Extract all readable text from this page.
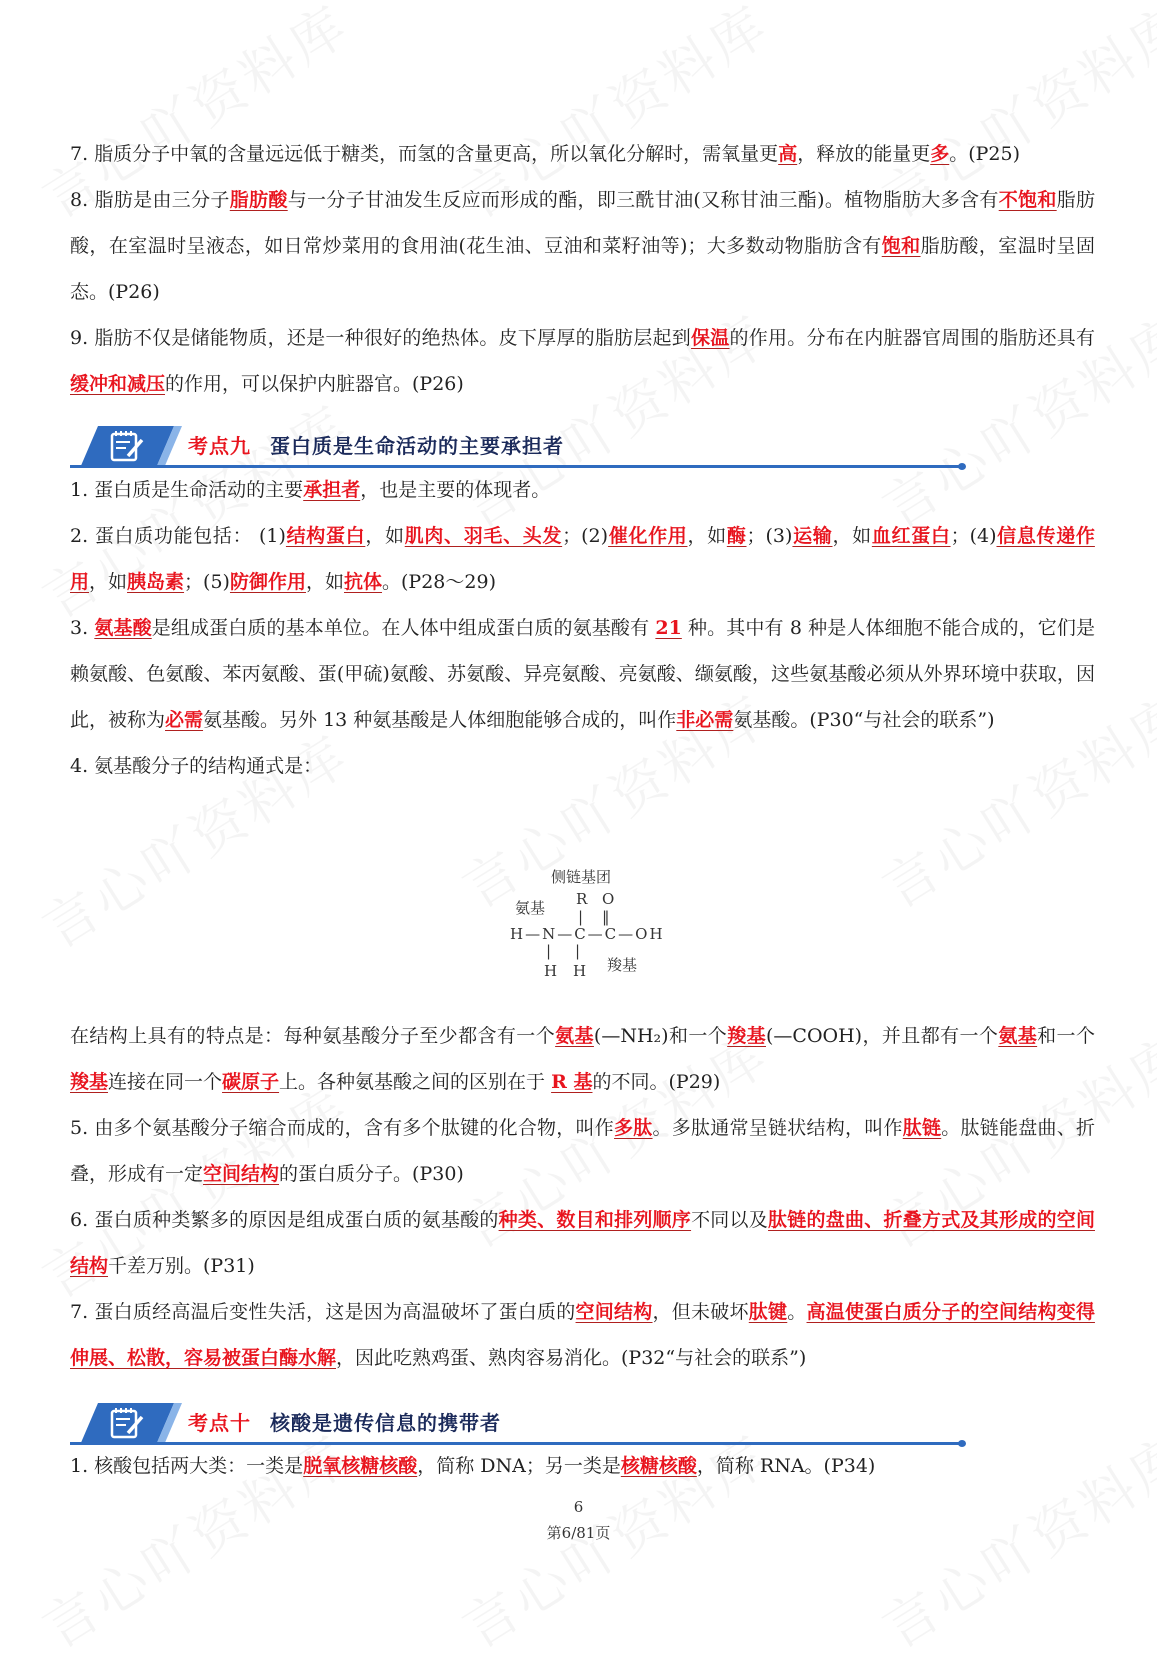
7. 脂质分子中氧的含量远远低于糖类，而氢的含量更高，所以氧化分解时，需氧量更高，释放的能量更多。(P25)

8. 脂肪是由三分子脂肪酸与一分子甘油发生反应而形成的酯，即三酰甘油(又称甘油三酯)。植物脂肪大多含有不饱和脂肪酸，在室温时呈液态，如日常炒菜用的食用油(花生油、豆油和菜籽油等)；大多数动物脂肪含有饱和脂肪酸，室温时呈固态。(P26)

9. 脂肪不仅是储能物质，还是一种很好的绝热体。皮下厚厚的脂肪层起到保温的作用。分布在内脏器官周围的脂肪还具有缓冲和减压的作用，可以保护内脏器官。(P26)

考点九 蛋白质是生命活动的主要承担者

1. 蛋白质是生命活动的主要承担者，也是主要的体现者。

2. 蛋白质功能包括： (1)结构蛋白，如肌肉、羽毛、头发；(2)催化作用，如酶；(3)运输，如血红蛋白；(4)信息传递作用，如胰岛素；(5)防御作用，如抗体。(P28～29)

3. 氨基酸是组成蛋白质的基本单位。在人体中组成蛋白质的氨基酸有 21 种。其中有 8 种是人体细胞不能合成的，它们是赖氨酸、色氨酸、苯丙氨酸、蛋(甲硫)氨酸、苏氨酸、异亮氨酸、亮氨酸、缬氨酸，这些氨基酸必须从外界环境中获取，因此，被称为必需氨基酸。另外 13 种氨基酸是人体细胞能够合成的，叫作非必需氨基酸。(P30“与社会的联系”)

4. 氨基酸分子的结构通式是：

侧链基团
氨基 R O
| ‖
H—N—C—C—OH
| |
H H 羧基

在结构上具有的特点是：每种氨基酸分子至少都含有一个氨基(—NH₂)和一个羧基(—COOH)，并且都有一个氨基和一个羧基连接在同一个碳原子上。各种氨基酸之间的区别在于 R 基的不同。(P29)

5. 由多个氨基酸分子缩合而成的，含有多个肽键的化合物，叫作多肽。多肽通常呈链状结构，叫作肽链。肽链能盘曲、折叠，形成有一定空间结构的蛋白质分子。(P30)

6. 蛋白质种类繁多的原因是组成蛋白质的氨基酸的种类、数目和排列顺序不同以及肽链的盘曲、折叠方式及其形成的空间结构千差万别。(P31)

7. 蛋白质经高温后变性失活，这是因为高温破坏了蛋白质的空间结构，但未破坏肽键。高温使蛋白质分子的空间结构变得伸展、松散，容易被蛋白酶水解，因此吃熟鸡蛋、熟肉容易消化。(P32“与社会的联系”)

考点十 核酸是遗传信息的携带者

1. 核酸包括两大类：一类是脱氧核糖核酸，简称 DNA；另一类是核糖核酸，简称 RNA。(P34)

6
第6/81页
